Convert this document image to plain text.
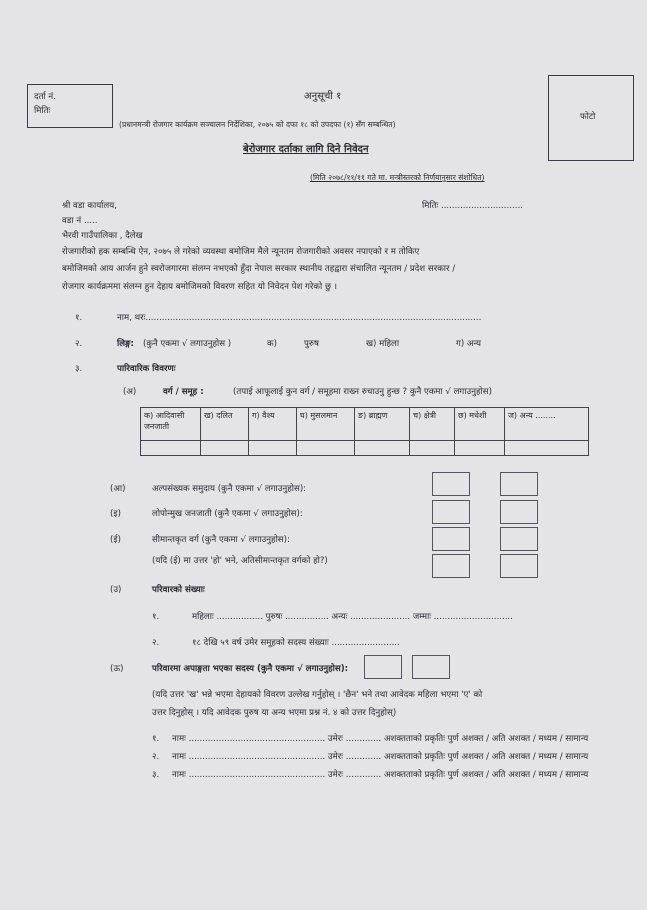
दर्ता नं.
मितिः
अनुसूची १
(प्रधानमन्त्री रोजगार कार्यक्रम सञ्चालन निर्देशिका, २०७५ को दफा १८ को उपदफा (१) सँग सम्बन्धित)
फोटो
बेरोजगार दर्ताका लागि दिने निवेदन
(मिति २०७८/११/११ गते मा. मन्त्रीस्तरको निर्णयानुसार संशोधित)
श्री वडा कार्यालय,
वडा नं .....
भैरवी गाउँपालिका , दैलेख
मितिः ..............................
रोजगारीको हक सम्बन्धि ऐन, २०७५ ले गरेको व्यवस्था बमोजिम मैले न्यूनतम रोजगारीको अवसर नपाएको र म तोकिए
बमोजिमको आय आर्जन हुने स्वरोजगारमा संलग्न नभएको हुँदा नेपाल सरकार स्थानीय तहद्वारा संचालित न्यूनतम / प्रदेश सरकार /
रोजगार कार्यक्रममा संलग्न हुन देहाय बमोजिमको विवरण सहित यो निवेदन पेश गरेको छु ।
१.	नाम, थरः...........................................................................................................................
२.	लिङ्ग: (कुनै एकमा √ लगाउनुहोस )	क)	पुरुष	ख) महिला	ग) अन्य
३.	पारिवारिक विवरणः
(अ)	वर्ग / समूह :	(तपाई आफूलाई कुन वर्ग / समूहमा राख्न रुचाउनु हुन्छ ? कुनै एकमा √ लगाउनुहोस)
क) आदिवासी जनजाती	ख) दलित	ग) वैश्य	घ) मुसलमान	ङ) ब्राह्मण	च) क्षेत्री	छ) मधेशी	ज) अन्य ........

(आ)	अल्पसंख्यक समुदाय (कुनै एकमा √ लगाउनुहोस):
(इ)	लोपोन्मुख जनजाती (कुनै एकमा √ लगाउनुहोस):
(ई)	सीमान्तकृत वर्ग (कुनै एकमा √ लगाउनुहोस):
(यदि (ई) मा उत्तर 'हो' भने, अतिसीमान्तकृत वर्गको हो?)
(उ)	परिवारको संख्याः
१.	महिलाः ................. पुरुषः ................ अन्यः ...................... जम्माः .............................
२.	१८ देखि ५९ वर्ष उमेर समूहको सदस्य संख्याः .........................
(ऊ)	परिवारमा अपाङ्गता भएका सदस्य (कुनै एकमा √ लगाउनुहोस):
(यदि उत्तर 'ख' भन्ने भएमा देहायको विवरण उल्लेख गर्नुहोस् । 'छैन' भने तथा आवेदक महिला भएमा 'ए' को
उत्तर दिनुहोस् । यदि आवेदक पुरुष या अन्य भएमा प्रश्न नं. ४ को उत्तर दिनुहोस्)
१. नामः .................................................. उमेरः ............. अशक्तताको प्रकृतिः पुर्ण अशक्त / अति अशक्त / मध्यम / सामान्य
२. नामः .................................................. उमेरः ............. अशक्तताको प्रकृतिः पुर्ण अशक्त / अति अशक्त / मध्यम / सामान्य
३. नामः .................................................. उमेरः ............. अशक्तताको प्रकृतिः पुर्ण अशक्त / अति अशक्त / मध्यम / सामान्य
